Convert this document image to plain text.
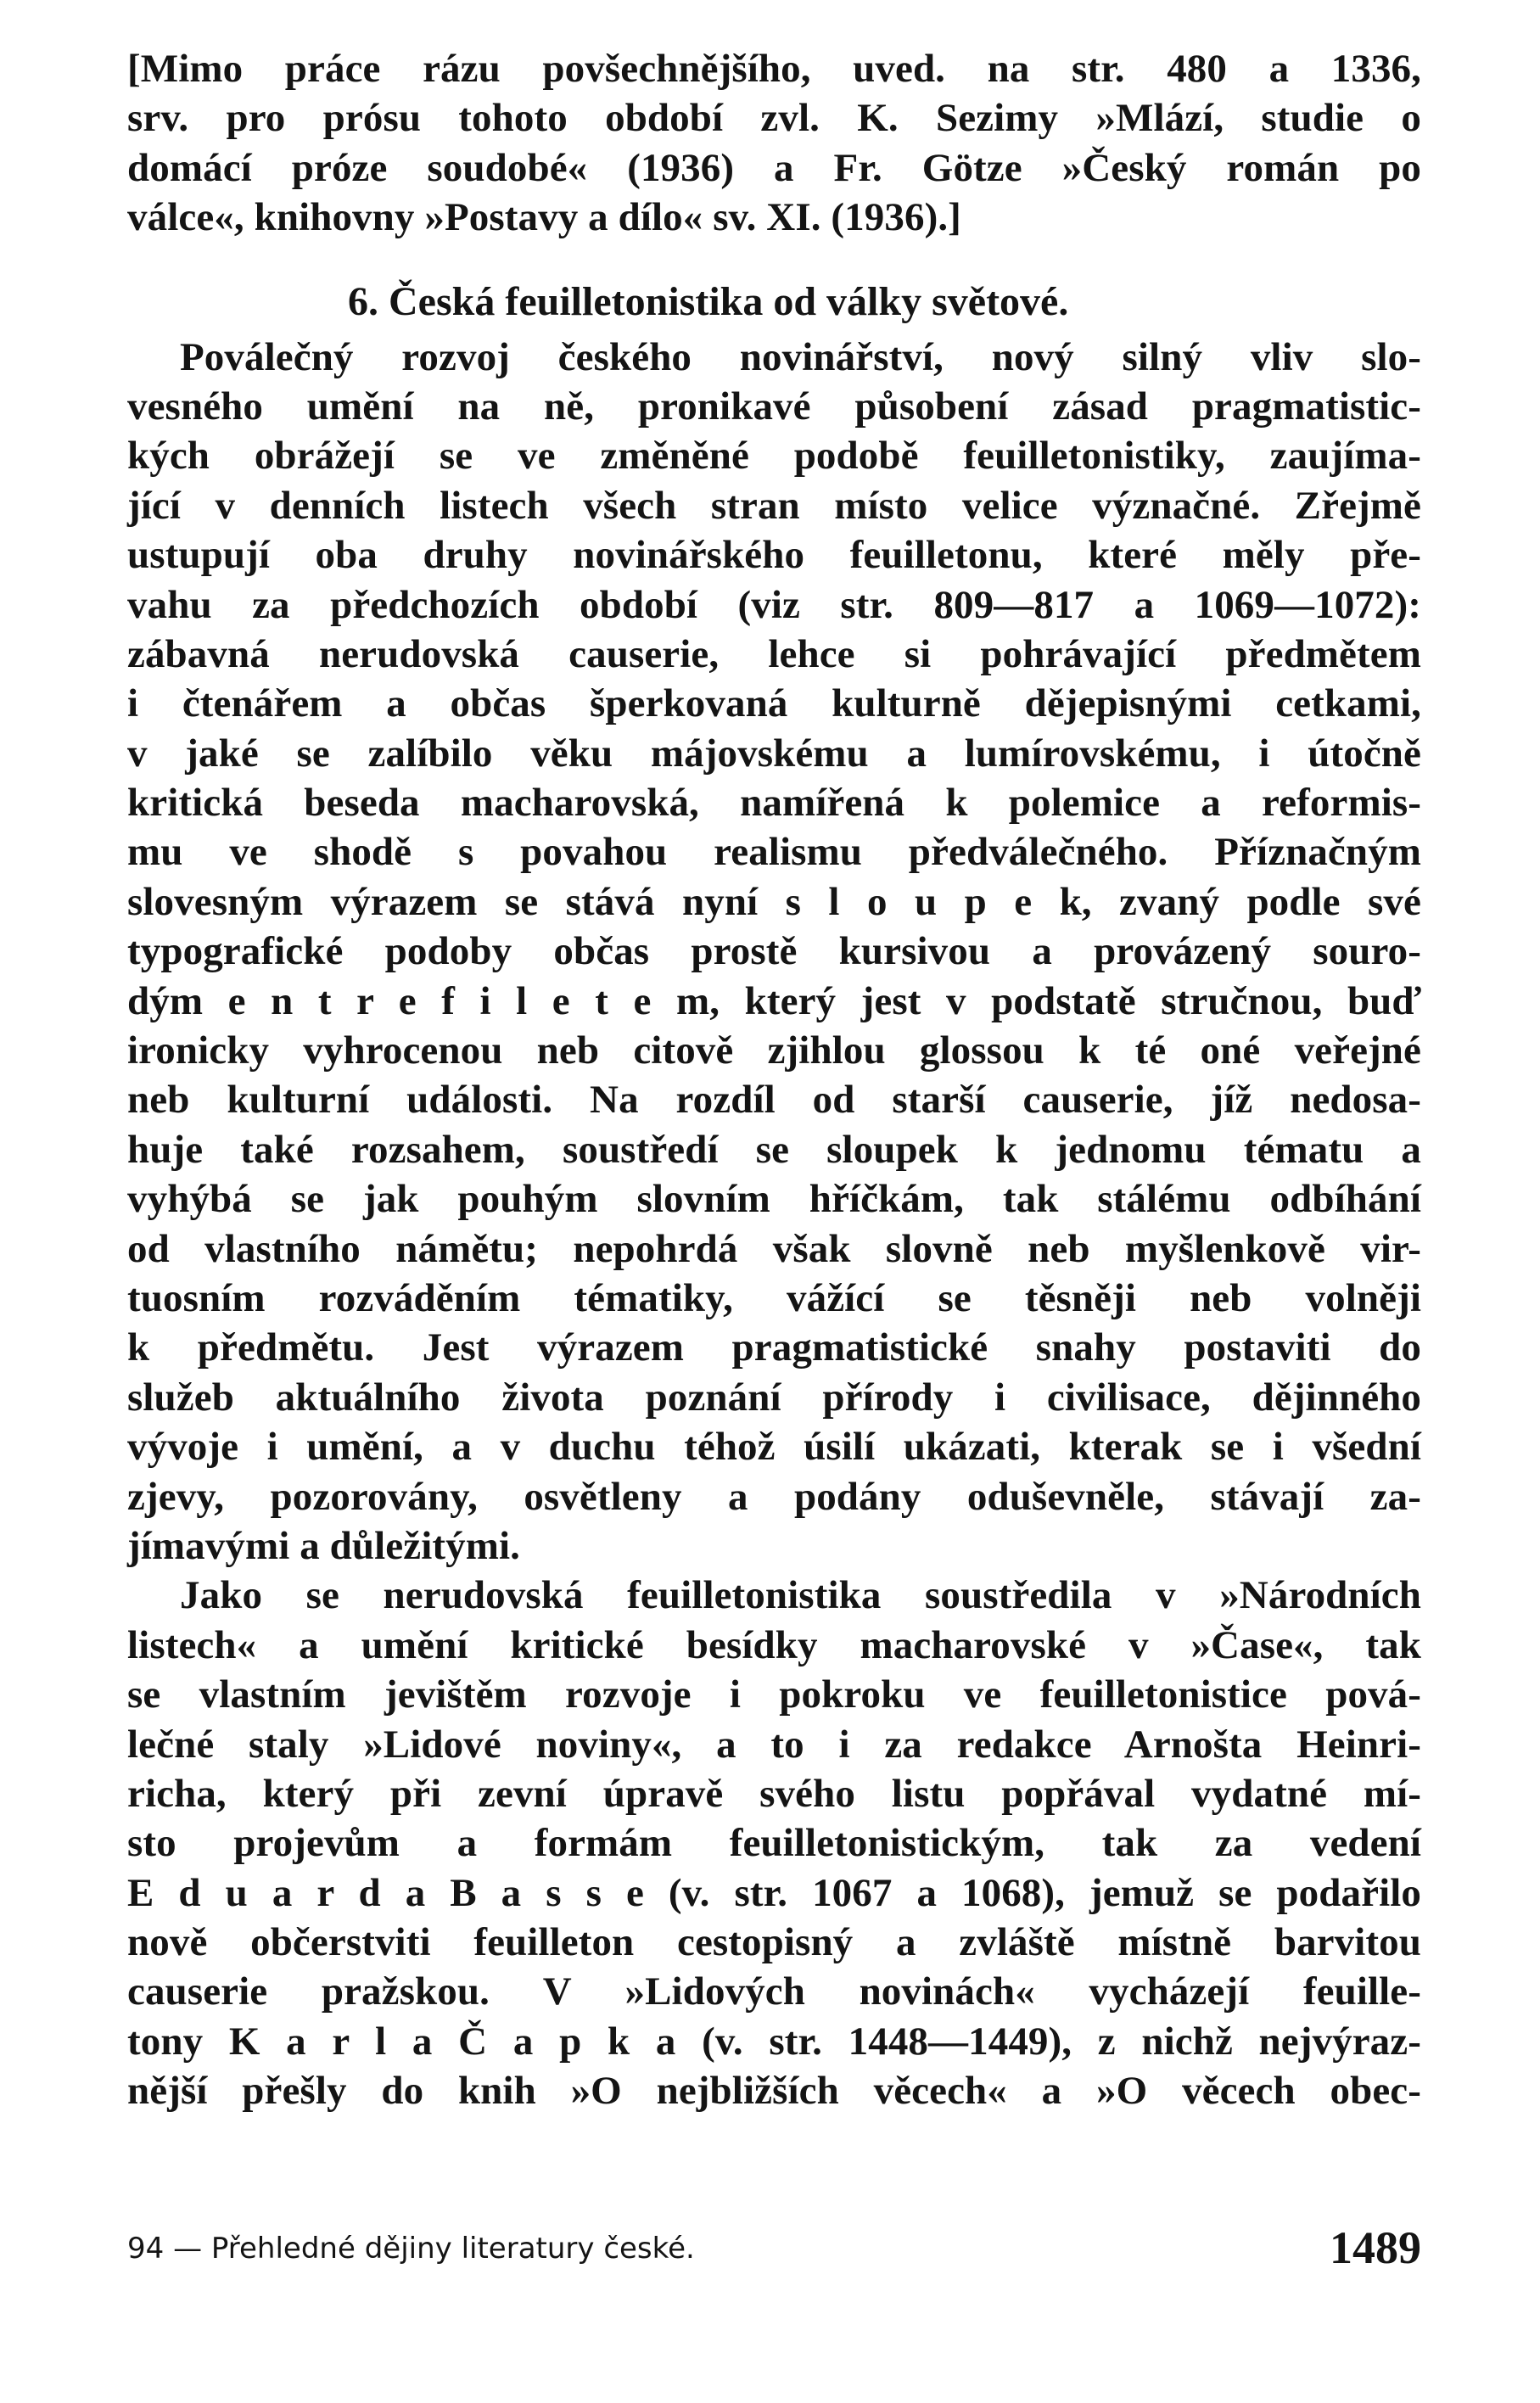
[Mimo práce rázu povšechnějšího, uved. na str. 480 a 1336,
srv. pro prósu tohoto období zvl. K. Sezimy »Mlází, studie o
domácí próze soudobé« (1936) a Fr. Götze »Český román po
válce«, knihovny »Postavy a dílo« sv. XI. (1936).]
6. Česká feuilletonistika od války světové.
Poválečný rozvoj českého novinářství, nový silný vliv slo-
vesného umění na ně, pronikavé působení zásad pragmatistic-
kých obrážejí se ve změněné podobě feuilletonistiky, zaujíma-
jící v denních listech všech stran místo velice význačné. Zřejmě
ustupují oba druhy novinářského feuilletonu, které měly pře-
vahu za předchozích období (viz str. 809—817 a 1069—1072):
zábavná nerudovská causerie, lehce si pohrávající předmětem
i čtenářem a občas šperkovaná kulturně dějepisnými cetkami,
v jaké se zalíbilo věku májovskému a lumírovskému, i útočně
kritická beseda macharovská, namířená k polemice a reformis-
mu ve shodě s povahou realismu předválečného. Příznačným
slovesným výrazem se stává nyní s l o u p e k, zvaný podle své
typografické podoby občas prostě kursivou a provázený souro-
dým e n t r e f i l e t e m, který jest v podstatě stručnou, buď
ironicky vyhrocenou neb citově zjihlou glossou k té oné veřejné
neb kulturní události. Na rozdíl od starší causerie, jíž nedosa-
huje také rozsahem, soustředí se sloupek k jednomu tématu a
vyhýbá se jak pouhým slovním hříčkám, tak stálému odbíhání
od vlastního námětu; nepohrdá však slovně neb myšlenkově vir-
tuosním rozváděním tématiky, vážící se těsněji neb volněji
k předmětu. Jest výrazem pragmatistické snahy postaviti do
služeb aktuálního života poznání přírody i civilisace, dějinného
vývoje i umění, a v duchu téhož úsilí ukázati, kterak se i všední
zjevy, pozorovány, osvětleny a podány oduševněle, stávají za-
jímavými a důležitými.
Jako se nerudovská feuilletonistika soustředila v »Národních
listech« a umění kritické besídky macharovské v »Čase«, tak
se vlastním jevištěm rozvoje i pokroku ve feuilletonistice pová-
lečné staly »Lidové noviny«, a to i za redakce Arnošta Heinri-
richa, který při zevní úpravě svého listu popřával vydatné mí-
sto projevům a formám feuilletonistickým, tak za vedení
E d u a r d a B a s s e (v. str. 1067 a 1068), jemuž se podařilo
nově občerstviti feuilleton cestopisný a zvláště místně barvitou
causerie pražskou. V »Lidových novinách« vycházejí feuille-
tony K a r l a Č a p k a (v. str. 1448—1449), z nichž nejvýraz-
nější přešly do knih »O nejbližších věcech« a »O věcech obec-
94 — Přehledné dějiny literatury české.	1489
